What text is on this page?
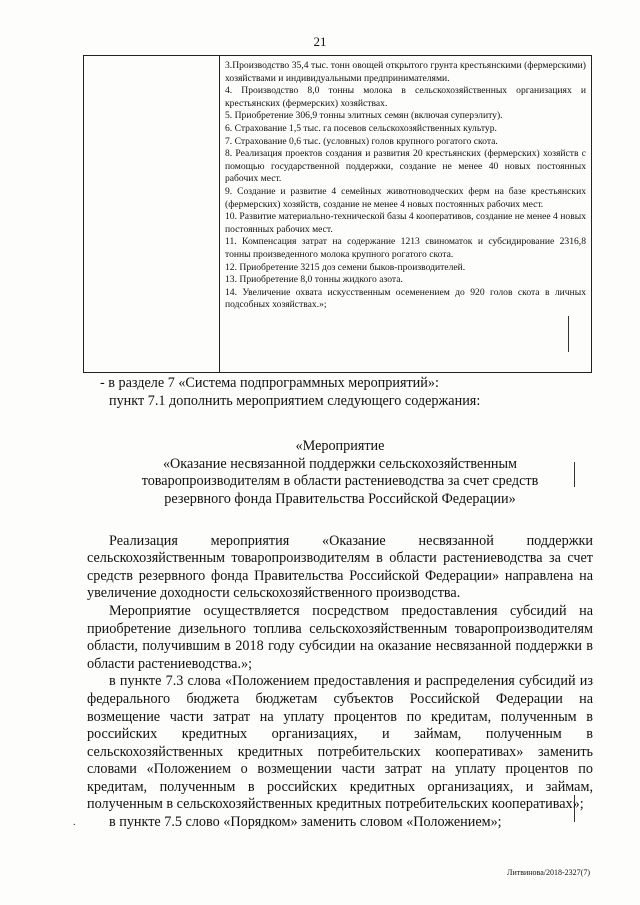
21

3.Производство 35,4 тыс. тонн овощей открытого грунта крестьянскими (фермерскими) хозяйствами и индивидуальными предпринимателями.

4. Производство 8,0 тонны молока в сельскохозяйственных организациях и крестьянских (фермерских) хозяйствах.

5. Приобретение 306,9 тонны элитных семян (включая суперэлиту).

6. Страхование 1,5 тыс. га посевов сельскохозяйственных культур.

7. Страхование 0,6 тыс. (условных) голов крупного рогатого скота.

8. Реализация проектов создания и развития 20 крестьянских (фермерских) хозяйств с помощью государственной поддержки, создание не менее 40 новых постоянных рабочих мест.

9. Создание и развитие 4 семейных животноводческих ферм на базе крестьянских (фермерских) хозяйств, создание не менее 4 новых постоянных рабочих мест.

10. Развитие материально-технической базы 4 кооперативов, создание не менее 4 новых постоянных рабочих мест.

11. Компенсация затрат на содержание 1213 свиноматок и субсидирование 2316,8 тонны произведенного молока крупного рогатого скота.

12. Приобретение 3215 доз семени быков-производителей.

13. Приобретение 8,0 тонны жидкого азота.

14. Увеличение охвата искусственным осеменением до 920 голов скота в личных подсобных хозяйствах.»;

.

- в разделе 7 «Система подпрограммных мероприятий»:

пункт 7.1 дополнить мероприятием следующего содержания:

«Мероприятие

«Оказание несвязанной поддержки сельскохозяйственным товаропроизводителям в области растениеводства за счет средств резервного фонда Правительства Российской Федерации»

Реализация мероприятия «Оказание несвязанной поддержки сельскохозяйственным товаропроизводителям в области растениеводства за счет средств резервного фонда Правительства Российской Федерации» направлена на увеличение доходности сельскохозяйственного производства.

Мероприятие осуществляется посредством предоставления субсидий на приобретение дизельного топлива сельскохозяйственным товаропроизводителям области, получившим в 2018 году субсидии на оказание несвязанной поддержки в области растениеводства.»;

в пункте 7.3 слова «Положением предоставления и распределения субсидий из федерального бюджета бюджетам субъектов Российской Федерации на возмещение части затрат на уплату процентов по кредитам, полученным в российских кредитных организациях, и займам, полученным в сельскохозяйственных кредитных потребительских кооперативах» заменить словами «Положением о возмещении части затрат на уплату процентов по кредитам, полученным в российских кредитных организациях, и займам, полученным в сельскохозяйственных кредитных потребительских кооперативах»;

в пункте 7.5 слово «Порядком» заменить словом «Положением»;

Литвинова/2018-2327(7)
